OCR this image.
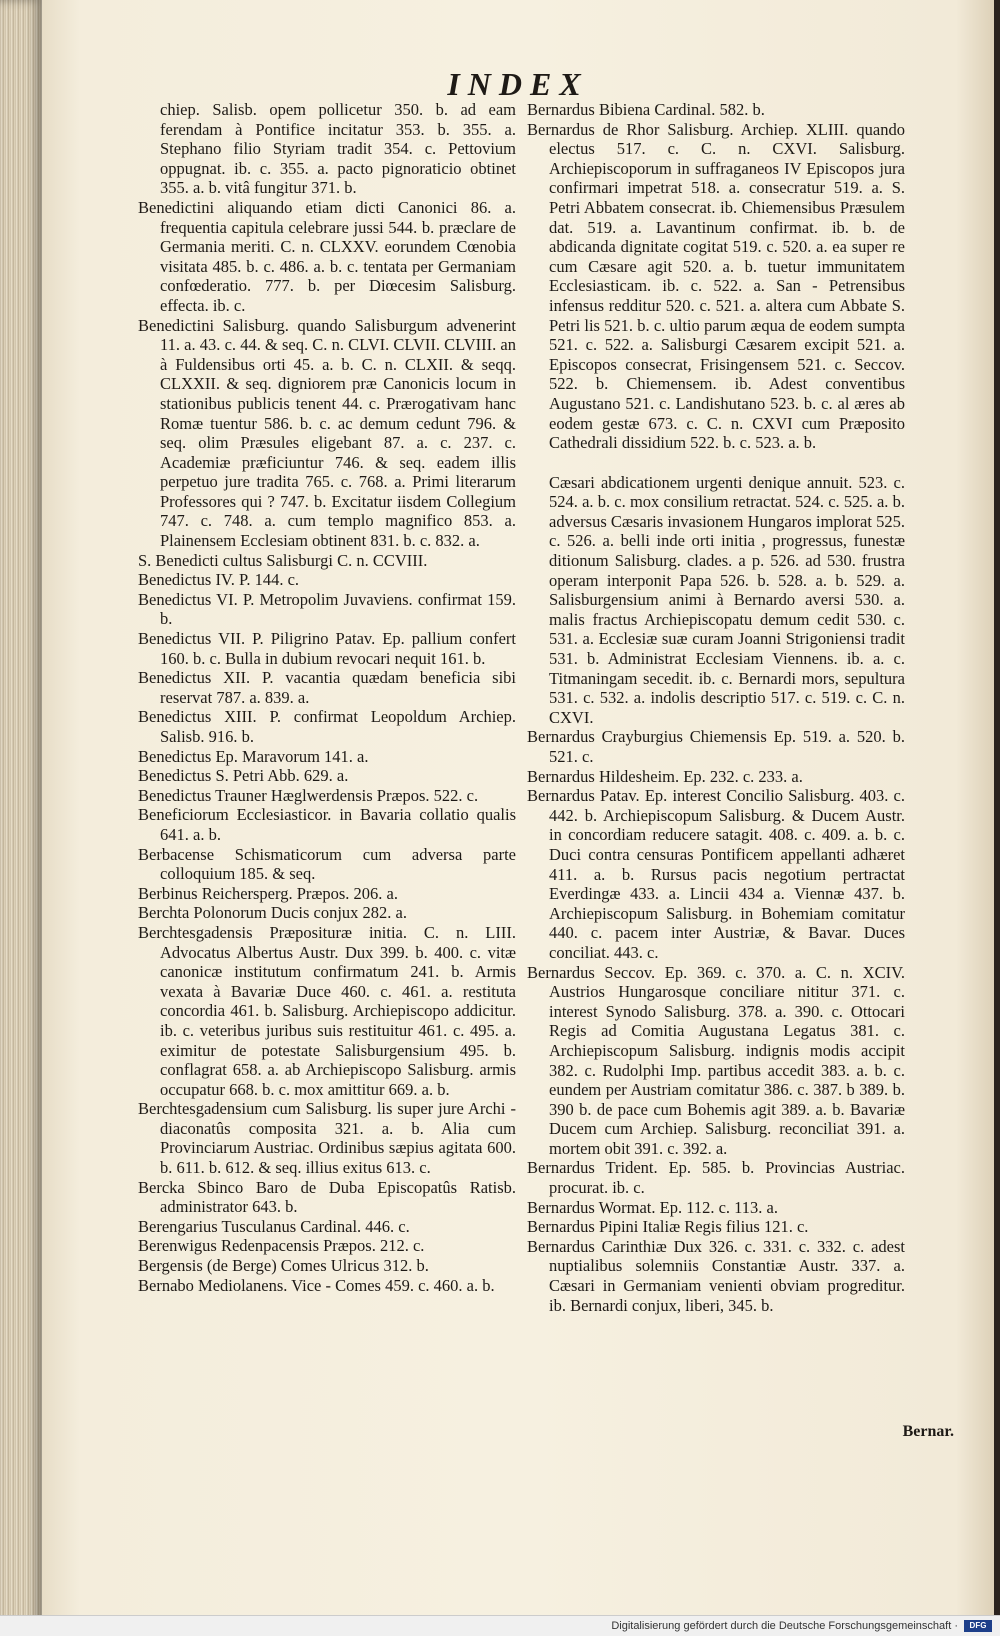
INDEX

chiep. Salisb. opem pollicetur 350. b. ad eam ferendam à Pontifice incitatur 353. b. 355. a. Stephano filio Styriam tradit 354. c. Pettovium oppugnat. ib. c. 355. a. pacto pignoraticio obtinet 355. a. b. vitâ fungitur 371. b.

Benedictini aliquando etiam dicti Canonici 86. a. frequentia capitula celebrare jussi 544. b. præclare de Germania meriti. C. n. CLXXV. eorundem Cœnobia visitata 485. b. c. 486. a. b. c. tentata per Germaniam confœderatio. 777. b. per Diœcesim Salisburg. effecta. ib. c.

Benedictini Salisburg. quando Salisburgum advenerint 11. a. 43. c. 44. & seq. C. n. CLVI. CLVII. CLVIII. an à Fuldensibus orti 45. a. b. C. n. CLXII. & seqq. CLXXII. & seq. digniorem præ Canonicis locum in stationibus publicis tenent 44. c. Prærogativam hanc Romæ tuentur 586. b. c. ac demum cedunt 796. & seq. olim Præsules eligebant 87. a. c. 237. c. Academiæ præficiuntur 746. & seq. eadem illis perpetuo jure tradita 765. c. 768. a. Primi literarum Professores qui ? 747. b. Excitatur iisdem Collegium 747. c. 748. a. cum templo magnifico 853. a. Plainensem Ecclesiam obtinent 831. b. c. 832. a.

S. Benedicti cultus Salisburgi C. n. CCVIII.

Benedictus IV. P. 144. c.

Benedictus VI. P. Metropolim Juvaviens. confirmat 159. b.

Benedictus VII. P. Piligrino Patav. Ep. pallium confert 160. b. c. Bulla in dubium revocari nequit 161. b.

Benedictus XII. P. vacantia quædam beneficia sibi reservat 787. a. 839. a.

Benedictus XIII. P. confirmat Leopoldum Archiep. Salisb. 916. b.

Benedictus Ep. Maravorum 141. a.

Benedictus S. Petri Abb. 629. a.

Benedictus Trauner Hæglwerdensis Præpos. 522. c.

Beneficiorum Ecclesiasticor. in Bavaria collatio qualis 641. a. b.

Berbacense Schismaticorum cum adversa parte colloquium 185. & seq.

Berbinus Reichersperg. Præpos. 206. a.

Berchta Polonorum Ducis conjux 282. a.

Berchtesgadensis Præposituræ initia. C. n. LIII. Advocatus Albertus Austr. Dux 399. b. 400. c. vitæ canonicæ institutum confirmatum 241. b. Armis vexata à Bavariæ Duce 460. c. 461. a. restituta concordia 461. b. Salisburg. Archiepiscopo addicitur. ib. c. veteribus juribus suis restituitur 461. c. 495. a. eximitur de potestate Salisburgensium 495. b. conflagrat 658. a. ab Archiepiscopo Salisburg. armis occupatur 668. b. c. mox amittitur 669. a. b.

Berchtesgadensium cum Salisburg. lis super jure Archi - diaconatûs composita 321. a. b. Alia cum Provinciarum Austriac. Ordinibus sæpius agitata 600. b. 611. b. 612. & seq. illius exitus 613. c.

Bercka Sbinco Baro de Duba Episcopatûs Ratisb. administrator 643. b.

Berengarius Tusculanus Cardinal. 446. c.

Berenwigus Redenpacensis Præpos. 212. c.

Bergensis (de Berge) Comes Ulricus 312. b.

Bernabo Mediolanens. Vice - Comes 459. c. 460. a. b.

Bernardus Bibiena Cardinal. 582. b.

Bernardus de Rhor Salisburg. Archiep. XLIII. quando electus 517. c. C. n. CXVI. Salisburg. Archiepiscoporum in suffraganeos IV Episcopos jura confirmari impetrat 518. a. consecratur 519. a. S. Petri Abbatem consecrat. ib. Chiemensibus Præsulem dat. 519. a. Lavantinum confirmat. ib. b. de abdicanda dignitate cogitat 519. c. 520. a. ea super re cum Cæsare agit 520. a. b. tuetur immunitatem Ecclesiasticam. ib. c. 522. a. San - Petrensibus infensus redditur 520. c. 521. a. altera cum Abbate S. Petri lis 521. b. c. ultio parum æqua de eodem sumpta 521. c. 522. a. Salisburgi Cæsarem excipit 521. a. Episcopos consecrat, Frisingensem 521. c. Seccov. 522. b. Chiemensem. ib. Adest conventibus Augustano 521. c. Landishutano 523. b. c. al æres ab eodem gestæ 673. c. C. n. CXVI cum Præposito Cathedrali dissidium 522. b. c. 523. a. b.

Cæsari abdicationem urgenti denique annuit. 523. c. 524. a. b. c. mox consilium retractat. 524. c. 525. a. b. adversus Cæsaris invasionem Hungaros implorat 525. c. 526. a. belli inde orti initia , progressus, funestæ ditionum Salisburg. clades. a p. 526. ad 530. frustra operam interponit Papa 526. b. 528. a. b. 529. a. Salisburgensium animi à Bernardo aversi 530. a. malis fractus Archiepiscopatu demum cedit 530. c. 531. a. Ecclesiæ suæ curam Joanni Strigoniensi tradit 531. b. Administrat Ecclesiam Viennens. ib. a. c. Titmaningam secedit. ib. c. Bernardi mors, sepultura 531. c. 532. a. indolis descriptio 517. c. 519. c. C. n. CXVI.

Bernardus Crayburgius Chiemensis Ep. 519. a. 520. b. 521. c.

Bernardus Hildesheim. Ep. 232. c. 233. a.

Bernardus Patav. Ep. interest Concilio Salisburg. 403. c. 442. b. Archiepiscopum Salisburg. & Ducem Austr. in concordiam reducere satagit. 408. c. 409. a. b. c. Duci contra censuras Pontificem appellanti adhæret 411. a. b. Rursus pacis negotium pertractat Everdingæ 433. a. Lincii 434 a. Viennæ 437. b. Archiepiscopum Salisburg. in Bohemiam comitatur 440. c. pacem inter Austriæ, & Bavar. Duces conciliat. 443. c.

Bernardus Seccov. Ep. 369. c. 370. a. C. n. XCIV. Austrios Hungarosque conciliare nititur 371. c. interest Synodo Salisburg. 378. a. 390. c. Ottocari Regis ad Comitia Augustana Legatus 381. c. Archiepiscopum Salisburg. indignis modis accipit 382. c. Rudolphi Imp. partibus accedit 383. a. b. c. eundem per Austriam comitatur 386. c. 387. b 389. b. 390 b. de pace cum Bohemis agit 389. a. b. Bavariæ Ducem cum Archiep. Salisburg. reconciliat 391. a. mortem obit 391. c. 392. a.

Bernardus Trident. Ep. 585. b. Provincias Austriac. procurat. ib. c.

Bernardus Wormat. Ep. 112. c. 113. a.

Bernardus Pipini Italiæ Regis filius 121. c.

Bernardus Carinthiæ Dux 326. c. 331. c. 332. c. adest nuptialibus solemniis Constantiæ Austr. 337. a. Cæsari in Germaniam venienti obviam progreditur. ib. Bernardi conjux, liberi, 345. b.

Bernar.
Digitalisierung gefördert durch die Deutsche Forschungsgemeinschaft ·	DFG
